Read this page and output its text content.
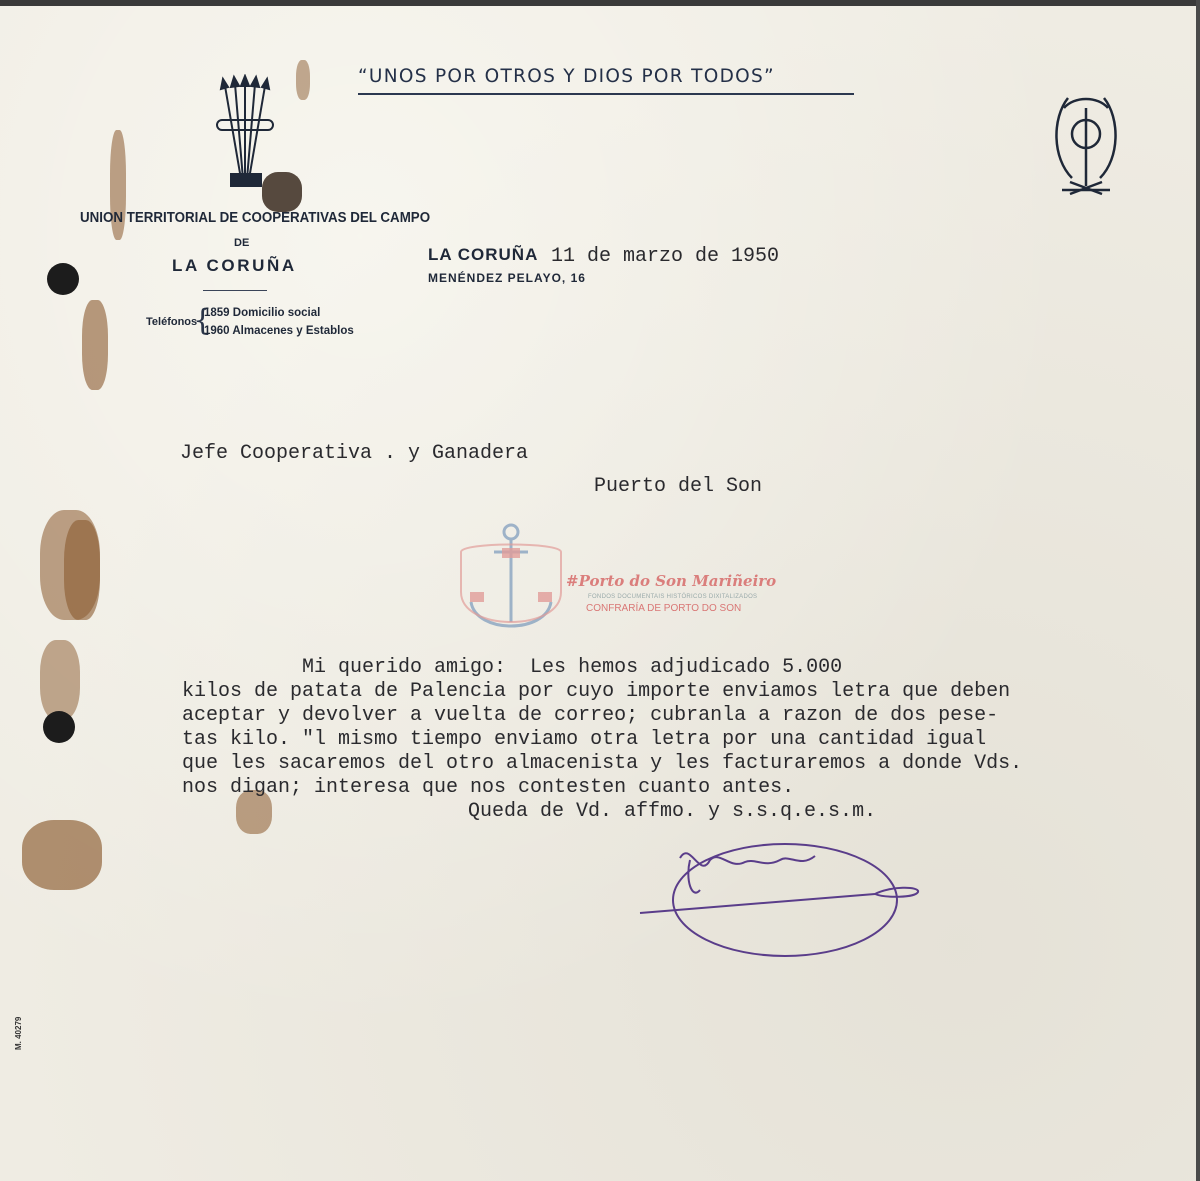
“UNOS POR OTROS Y DIOS POR TODOS”
UNION TERRITORIAL DE COOPERATIVAS DEL CAMPO
DE
LA CORUÑA
Teléfonos
{
1859 Domicilio social
1960 Almacenes y Establos
LA CORUÑA 11 de marzo de 1950
MENÉNDEZ PELAYO, 16
Jefe Cooperativa . y Ganadera
Puerto del Son
#Porto do Son Mariñeiro
FONDOS DOCUMENTAIS HISTÓRICOS DIXITALIZADOS
CONFRARÍA DE PORTO DO SON
Mi querido amigo:  Les hemos adjudicado 5.000
kilos de patata de Palencia por cuyo importe enviamos letra que deben
aceptar y devolver a vuelta de correo; cubranla a razon de dos pese-
tas kilo. "l mismo tiempo enviamo otra letra por una cantidad igual
que les sacaremos del otro almacenista y les facturaremos a donde Vds.
nos digan; interesa que nos contesten cuanto antes.
Queda de Vd. affmo. y s.s.q.e.s.m.
M. 40279
